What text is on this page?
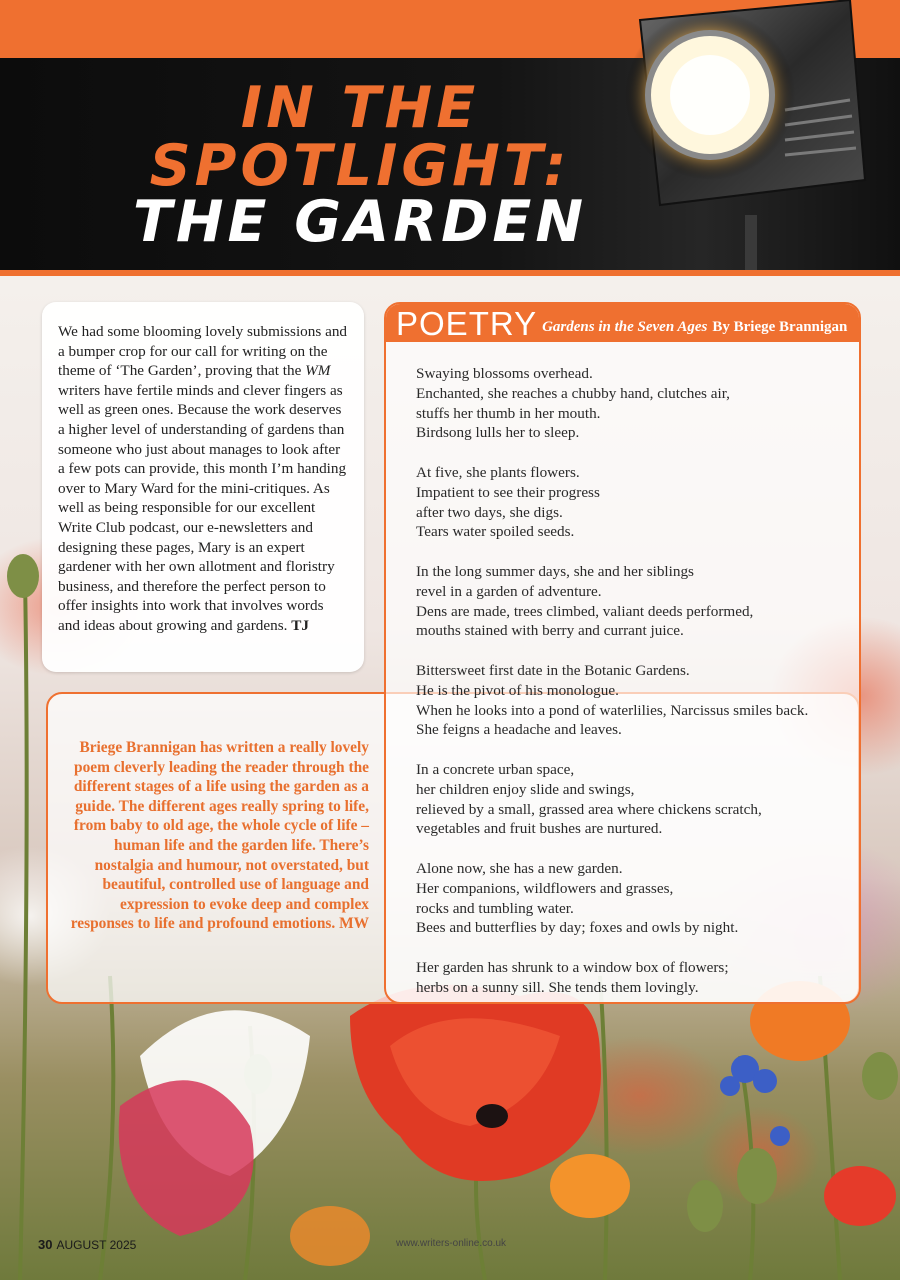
IN THE
SPOTLIGHT:
THE GARDEN

We had some blooming lovely submissions and a bumper crop for our call for writing on the theme of ‘The Garden’, proving that the WM writers have fertile minds and clever fingers as well as green ones. Because the work deserves a higher level of understanding of gardens than someone who just about manages to look after a few pots can provide, this month I’m handing over to Mary Ward for the mini-critiques. As well as being responsible for our excellent Write Club podcast, our e-newsletters and designing these pages, Mary is an expert gardener with her own allotment and floristry business, and therefore the perfect person to offer insights into work that involves words and ideas about growing and gardens. TJ

Briege Brannigan has written a really lovely poem cleverly leading the reader through the different stages of a life using the garden as a guide. The different ages really spring to life, from baby to old age, the whole cycle of life – human life and the garden life. There’s nostalgia and humour, not overstated, but beautiful, controlled use of language and expression to evoke deep and complex responses to life and profound emotions. MW

POETRY Gardens in the Seven Ages By Briege Brannigan
Swaying blossoms overhead.
Enchanted, she reaches a chubby hand, clutches air,
stuffs her thumb in her mouth.
Birdsong lulls her to sleep.
At five, she plants flowers.
Impatient to see their progress
after two days, she digs.
Tears water spoiled seeds.
In the long summer days, she and her siblings
revel in a garden of adventure.
Dens are made, trees climbed, valiant deeds performed,
mouths stained with berry and currant juice.
Bittersweet first date in the Botanic Gardens.
He is the pivot of his monologue.
When he looks into a pond of waterlilies, Narcissus smiles back.
She feigns a headache and leaves.
In a concrete urban space,
her children enjoy slide and swings,
relieved by a small, grassed area where chickens scratch,
vegetables and fruit bushes are nurtured.
Alone now, she has a new garden.
Her companions, wildflowers and grasses,
rocks and tumbling water.
Bees and butterflies by day; foxes and owls by night.
Her garden has shrunk to a window box of flowers;
herbs on a sunny sill. She tends them lovingly.
30 AUGUST 2025	www.writers-online.co.uk
